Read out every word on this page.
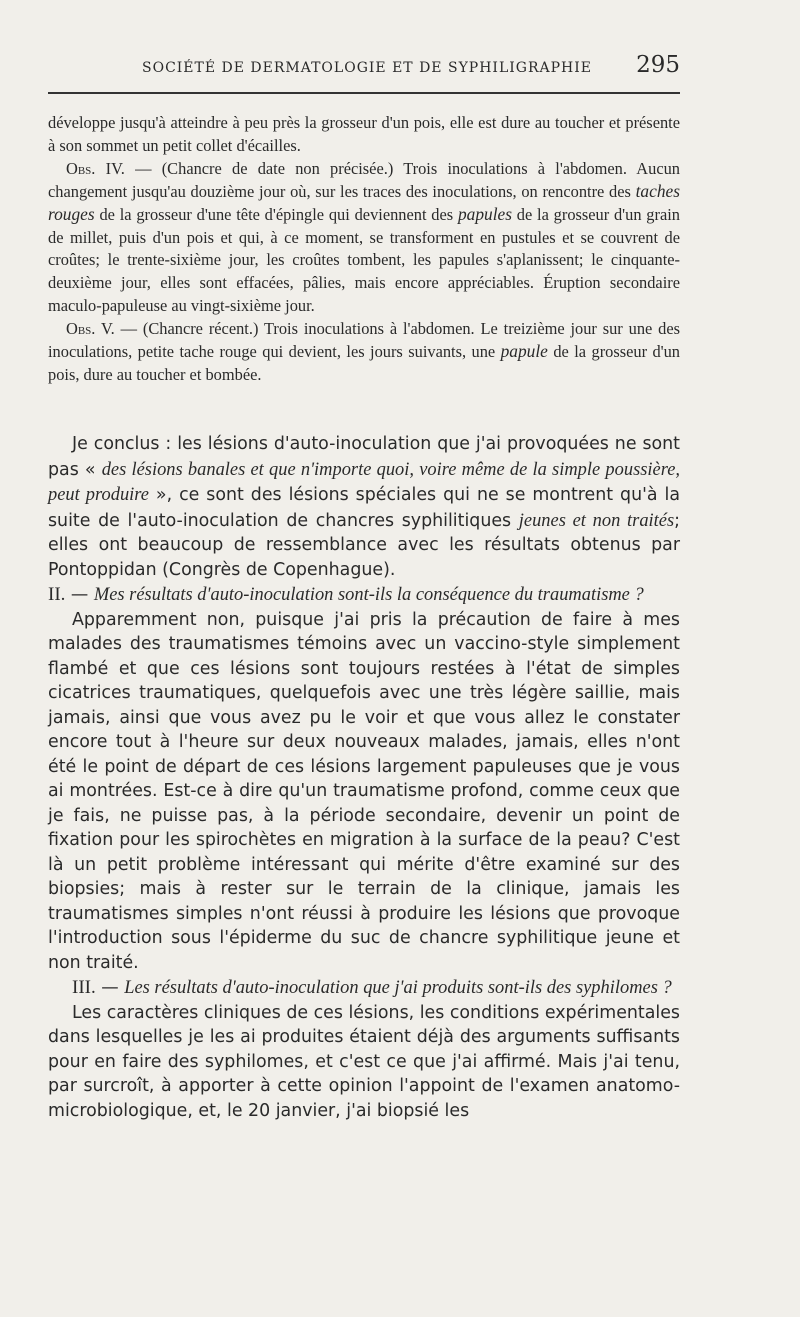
SOCIÉTÉ DE DERMATOLOGIE ET DE SYPHILIGRAPHIE 295

développe jusqu'à atteindre à peu près la grosseur d'un pois, elle est dure au toucher et présente à son sommet un petit collet d'écailles.

Obs. IV. — (Chancre de date non précisée.) Trois inoculations à l'abdomen. Aucun changement jusqu'au douzième jour où, sur les traces des inoculations, on rencontre des taches rouges de la grosseur d'une tête d'épingle qui deviennent des papules de la grosseur d'un grain de millet, puis d'un pois et qui, à ce moment, se transforment en pustules et se couvrent de croûtes; le trente-sixième jour, les croûtes tombent, les papules s'aplanissent; le cinquante-deuxième jour, elles sont effacées, pâlies, mais encore appréciables. Éruption secondaire maculo-papuleuse au vingt-sixième jour.

Obs. V. — (Chancre récent.) Trois inoculations à l'abdomen. Le treizième jour sur une des inoculations, petite tache rouge qui devient, les jours suivants, une papule de la grosseur d'un pois, dure au toucher et bombée.

Je conclus : les lésions d'auto-inoculation que j'ai provoquées ne sont pas « des lésions banales et que n'importe quoi, voire même de la simple poussière, peut produire », ce sont des lésions spéciales qui ne se montrent qu'à la suite de l'auto-inoculation de chancres syphilitiques jeunes et non traités; elles ont beaucoup de ressemblance avec les résultats obtenus par Pontoppidan (Congrès de Copenhague).

II. — Mes résultats d'auto-inoculation sont-ils la conséquence du traumatisme ?

Apparemment non, puisque j'ai pris la précaution de faire à mes malades des traumatismes témoins avec un vaccino-style simplement flambé et que ces lésions sont toujours restées à l'état de simples cicatrices traumatiques, quelquefois avec une très légère saillie, mais jamais, ainsi que vous avez pu le voir et que vous allez le constater encore tout à l'heure sur deux nouveaux malades, jamais, elles n'ont été le point de départ de ces lésions largement papuleuses que je vous ai montrées. Est-ce à dire qu'un traumatisme profond, comme ceux que je fais, ne puisse pas, à la période secondaire, devenir un point de fixation pour les spirochètes en migration à la surface de la peau? C'est là un petit problème intéressant qui mérite d'être examiné sur des biopsies; mais à rester sur le terrain de la clinique, jamais les traumatismes simples n'ont réussi à produire les lésions que provoque l'introduction sous l'épiderme du suc de chancre syphilitique jeune et non traité.

III. — Les résultats d'auto-inoculation que j'ai produits sont-ils des syphilomes ?

Les caractères cliniques de ces lésions, les conditions expérimentales dans lesquelles je les ai produites étaient déjà des arguments suffisants pour en faire des syphilomes, et c'est ce que j'ai affirmé. Mais j'ai tenu, par surcroît, à apporter à cette opinion l'appoint de l'examen anatomo-microbiologique, et, le 20 janvier, j'ai biopsié les
